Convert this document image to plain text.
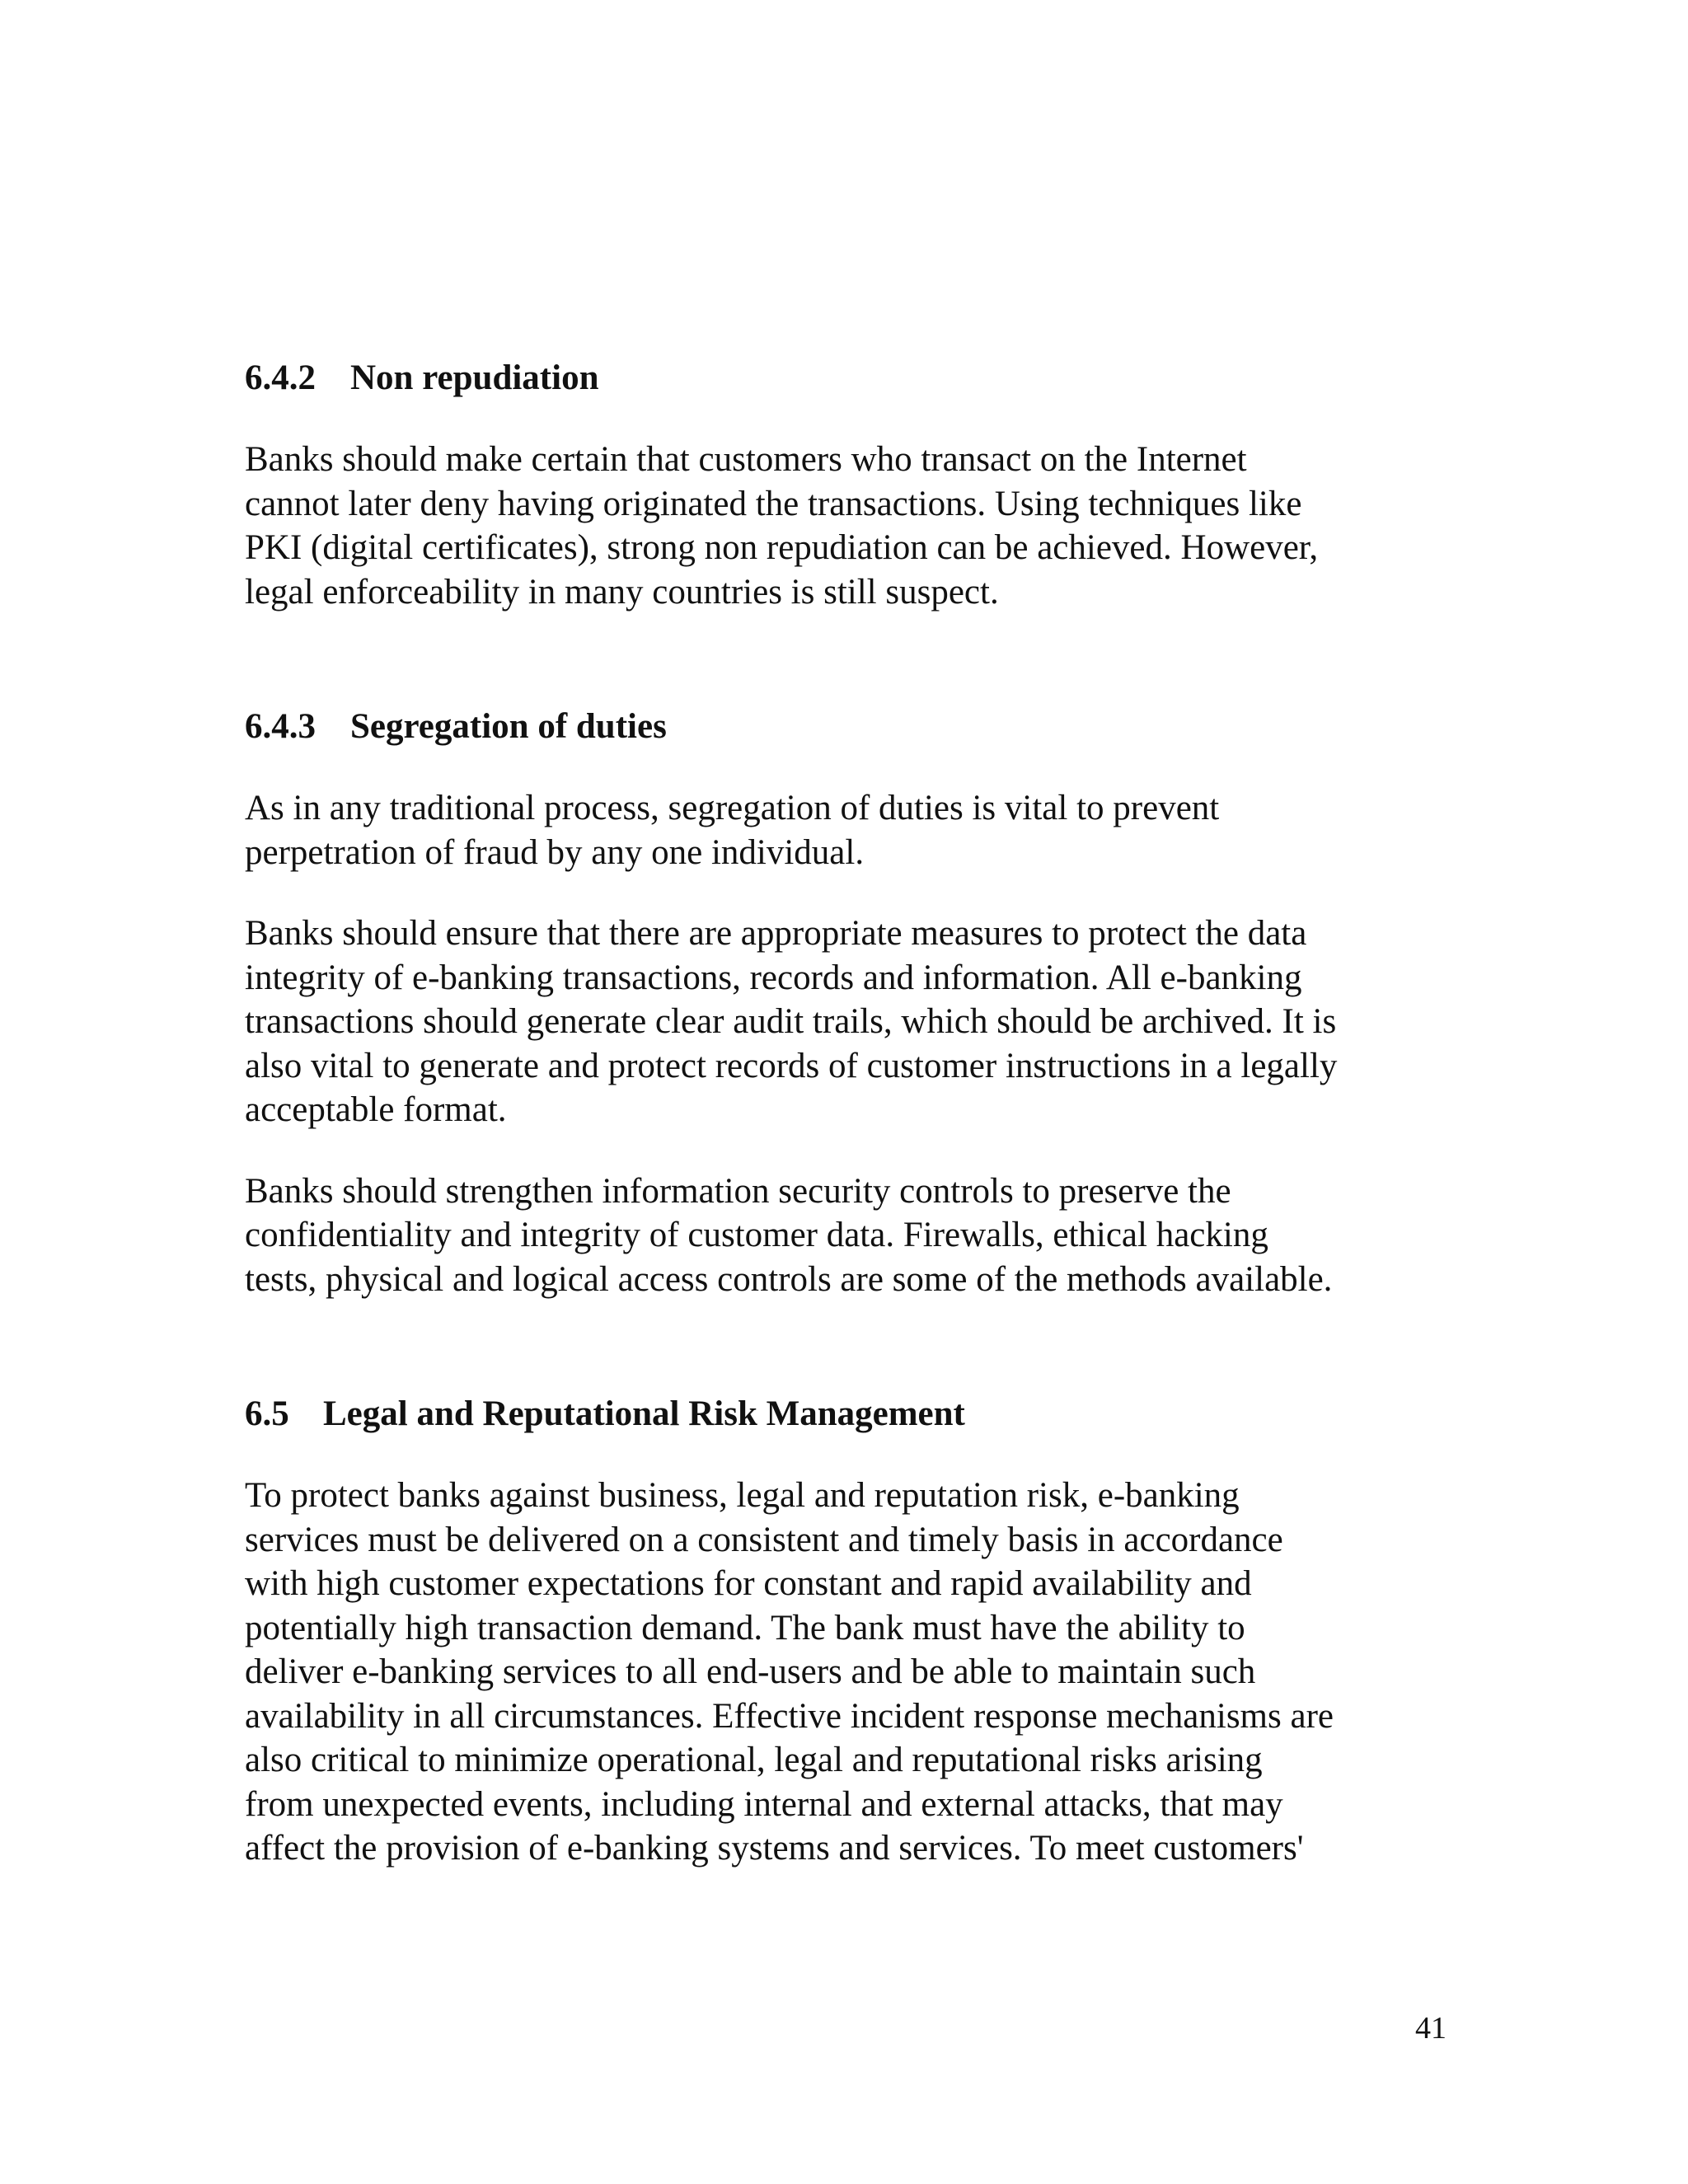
6.4.2 Non repudiation

Banks should make certain that customers who transact on the Internet
cannot later deny having originated the transactions. Using techniques like
PKI (digital certificates), strong non repudiation can be achieved. However,
legal enforceability in many countries is still suspect.

6.4.3 Segregation of duties

As in any traditional process, segregation of duties is vital to prevent
perpetration of fraud by any one individual.

Banks should ensure that there are appropriate measures to protect the data
integrity of e-banking transactions, records and information. All e-banking
transactions should generate clear audit trails, which should be archived. It is
also vital to generate and protect records of customer instructions in a legally
acceptable format.

Banks should strengthen information security controls to preserve the
confidentiality and integrity of customer data. Firewalls, ethical hacking
tests, physical and logical access controls are some of the methods available.

6.5 Legal and Reputational Risk Management

To protect banks against business, legal and reputation risk, e-banking
services must be delivered on a consistent and timely basis in accordance
with high customer expectations for constant and rapid availability and
potentially high transaction demand. The bank must have the ability to
deliver e-banking services to all end-users and be able to maintain such
availability in all circumstances. Effective incident response mechanisms are
also critical to minimize operational, legal and reputational risks arising
from unexpected events, including internal and external attacks, that may
affect the provision of e-banking systems and services. To meet customers'

41
